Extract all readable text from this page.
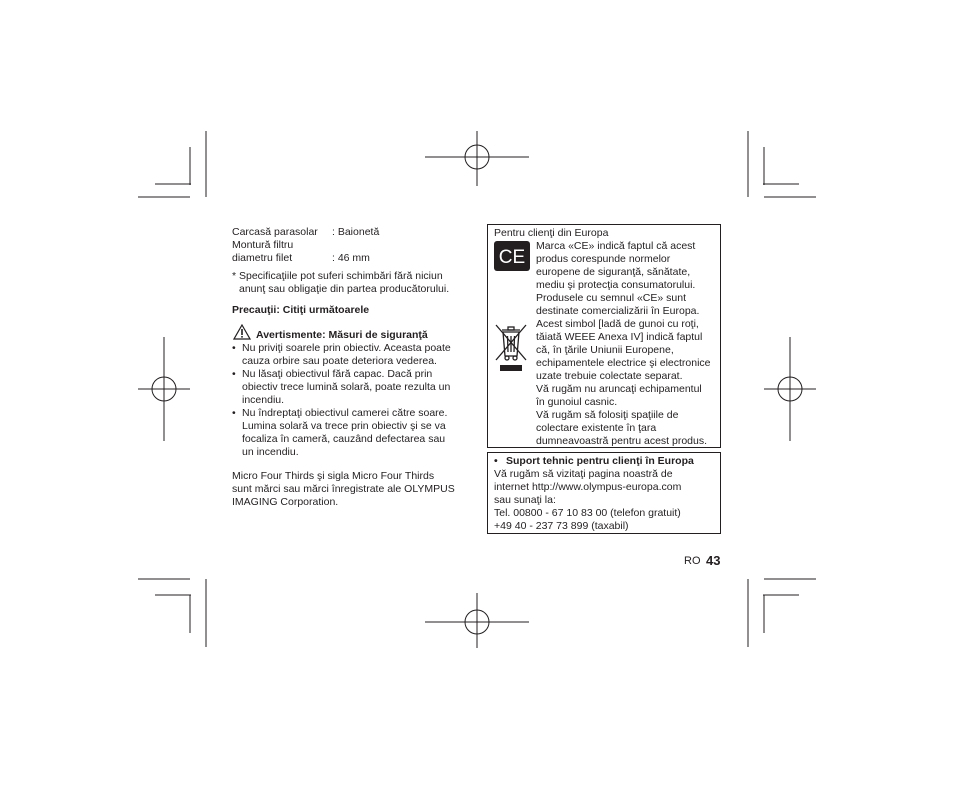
Carcasă parasolar : Baionetă
Montură filtru
diametru filet	: 46 mm
* Specificaţiile pot suferi schimbări fără niciun
anunţ sau obligaţie din partea producătorului.
Precauţii: Citiţi următoarele
Avertismente: Măsuri de siguranţă
• Nu priviţi soarele prin obiectiv. Aceasta poate
cauza orbire sau poate deteriora vederea.
• Nu lăsaţi obiectivul fără capac. Dacă prin
obiectiv trece lumină solară, poate rezulta un
incendiu.
• Nu îndreptaţi obiectivul camerei către soare.
Lumina solară va trece prin obiectiv şi se va
focaliza în cameră, cauzând defectarea sau
un incendiu.
Micro Four Thirds şi sigla Micro Four Thirds
sunt mărci sau mărci înregistrate ale OLYMPUS
IMAGING Corporation.
Pentru clienţi din Europa
CE
Marca «CE» indică faptul că acest
produs corespunde normelor
europene de siguranţă, sănătate,
mediu şi protecţia consumatorului.
Produsele cu semnul «CE» sunt
destinate comercializării în Europa.
Acest simbol [ladă de gunoi cu roţi,
tăiată WEEE Anexa IV] indică faptul
că, în ţările Uniunii Europene,
echipamentele electrice şi electronice
uzate trebuie colectate separat.
Vă rugăm nu aruncaţi echipamentul
în gunoiul casnic.
Vă rugăm să folosiţi spaţiile de
colectare existente în ţara
dumneavoastră pentru acest produs.
• Suport tehnic pentru clienţi în Europa
Vă rugăm să vizitaţi pagina noastră de
internet http://www.olympus-europa.com
sau sunaţi la:
Tel. 00800 - 67 10 83 00 (telefon gratuit)
+49 40 - 237 73 899 (taxabil)
RO 43
